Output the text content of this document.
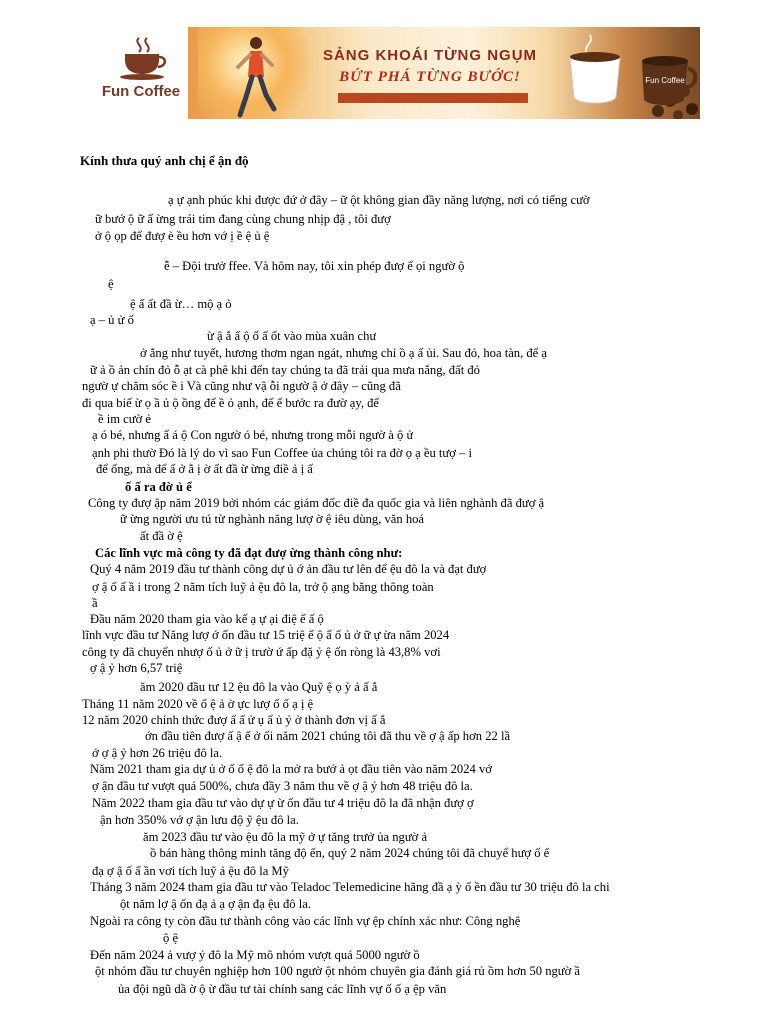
Fun Coffee
SẢNG KHOÁI TỪNG NGỤM
BỨT PHÁ TỪNG BƯỚC!	Fun Coffee
Kính thưa quý anh chị ể ận độ
ạ ự ạnh phúc khi được đứ ở đây – ữ ột không gian đầy năng lượng, nơi có tiếng cườ
ữ bướ ộ ữ ẩ ừng trái tim đang cùng chung nhịp đậ , tôi đượ
ở ộ ọp để đượ è ều hơn vớ ị ề ệ ủ ệ
ễ – Đội trưở ffee. Và hôm nay, tôi xin phép đượ ể ọi ngườ ộ
ệ
ệ ấ ất đầ ừ… mộ ạ ỏ
ạ – ủ ử ố
ừ ậ ắ ấ ộ ố ấ ốt vào mùa xuân chư
ở ắng như tuyết, hương thơm ngan ngát, nhưng chỉ ồ ạ ấ ủi. Sau đó, hoa tàn, để ạ
ữ ả ồ ản chín đỏ ỗ ạt cà phê khi đến tay chúng ta đã trải qua mưa nắng, đất đỏ
ngườ ự chăm sóc ề i Và cũng như vậ ỗi ngườ ậ ở đây – cũng đã
đi qua biế ừ ọ ầ ủ ộ ồng để ề ỏ ạnh, để ể bước ra đườ ạy, để
ề im cườ ẻ
ạ ó bé, nhưng ẩ á ộ Con ngườ ó bé, nhưng trong mỗi ngườ à ộ ử
ạnh phi thườ Đó là lý do vì sao Fun Coffee ủa chúng tôi ra đờ ọ ạ ều tượ – i
để ống, mà để ấ ở ằ ị ờ ất đầ ừ ừng điề ả ị ấ
ố ấ ra đờ ủ ể
Công ty đượ ập năm 2019 bởi nhóm các giám đốc điề đa quốc gia và liên nghành đã đượ ậ
ữ ừng người ưu tú từ nghành năng lượ ờ ệ iêu dùng, văn hoá
ất đầ ờ ệ
Các lĩnh vực mà công ty đã đạt đượ ừng thành công như:
Quý 4 năm 2019 đầu tư thành công dự ủ ớ ản đầu tư lên để ệu đô la và đạt đượ
ợ ậ ố ấ ầ i trong 2 năm tích luỹ ả ệu đô la, trở ộ ạng băng thông toàn
ầ
Đầu năm 2020 tham gia vào kế ạ ự ại điệ ế ấ ộ
lĩnh vực đầu tư Năng lượ ớ ốn đầu tư 15 triệ ế ộ ẩ ố ủ ở ữ ự ừa năm 2024
công ty đã chuyển nhượ ố ủ ở ữ ị trườ ứ ấp đặ ỷ ệ ốn ròng là 43,8% vơi
ợ ậ ỷ hơn 6,57 triệ
ăm 2020 đầu tư 12 ệu đô la vào Quỹ ệ ọ ỳ ả ấ ắ
Tháng 11 năm 2020 về ố ệ ả ờ ực lượ ố ố ạ ị ệ
12 năm 2020 chính thức đượ ấ ấ ử ụ ẩ ủ ỷ ở thành đơn vị ấ ắ
ớn đầu tiên đượ ấ ậ ế ở ối năm 2021 chúng tôi đã thu về ợ ậ ấp hơn 22 lầ
ớ ợ ậ ỷ hơn 26 triệu đô la.
Năm 2021 tham gia dự ủ ở ố ố ệ đô la mở ra bướ ả ọt đầu tiên vào năm 2024 vớ
ợ ận đầu tư vượt quá 500%, chưa đầy 3 năm thu về ợ ậ ỷ hơn 48 triệu đô la.
Năm 2022 tham gia đầu tư vào dự ự ừ ốn đầu tư 4 triệu đô la đã nhận đượ ợ
ận hơn 350% vớ ợ ận lưu độ ỹ ệu đô la.
ăm 2023 đầu tư vào ệu đô la mỹ ở ự tăng trưở ủa ngườ ả
ồ bán hàng thông minh tăng độ ến, quý 2 năm 2024 chúng tôi đã chuyể hượ ố ế
đạ ợ ậ ố ấ ần vơi tích luỹ ả ệu đô la Mỹ
Tháng 3 năm 2024 tham gia đầu tư vào Teladoc Telemedicine hãng đầ ạ ỳ ố ền đầu tư 30 triệu đô la chi
ột năm lợ ậ ốn đạ ả ạ ợ ận đạ ệu đô la.
Ngoài ra công ty còn đầu tư thành công vào các lĩnh vự ệp chính xác như: Công nghệ
ộ ệ
Đến năm 2024 ả vượ ỷ đô la Mỹ mô nhóm vượt quá 5000 ngườ ồ
ột nhóm đầu tư chuyên nghiệp hơn 100 ngườ ột nhóm chuyên gia đánh giá rủ ồm hơn 50 ngườ ầ
ủa đội ngũ dầ ờ ộ ừ đầu tư tài chính sang các lĩnh vự ố ố ạ ệp văn
